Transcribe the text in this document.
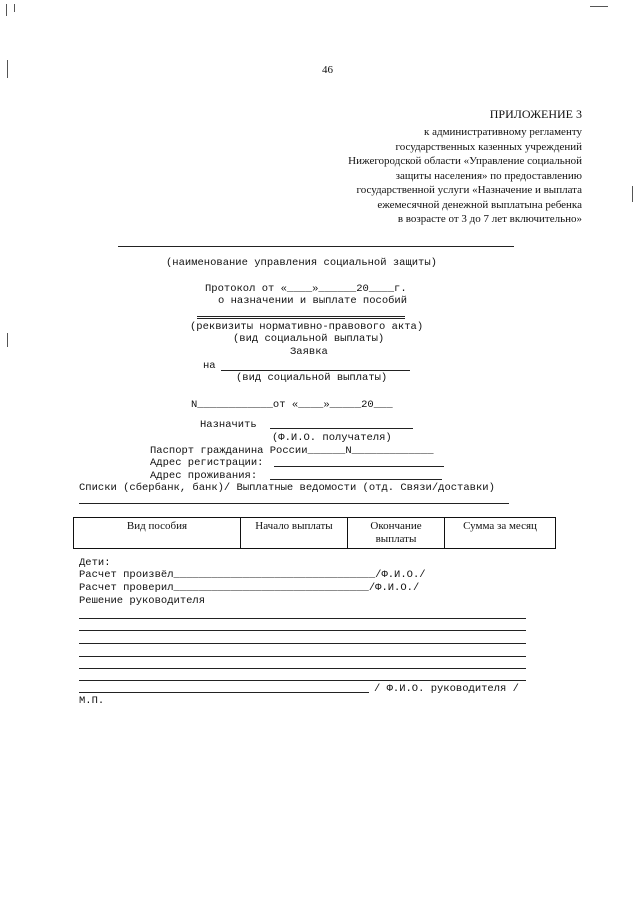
46
ПРИЛОЖЕНИЕ 3
к административному регламенту
государственных казенных учреждений
Нижегородской области «Управление социальной
защиты населения» по предоставлению
государственной услуги «Назначение и выплата
ежемесячной денежной выплатына ребенка
в возрасте от 3 до 7 лет включительно»
(наименование управления социальной защиты)
Протокол от «____»______20____г.
о назначении и выплате пособий
(реквизиты нормативно-правового акта)
(вид социальной выплаты)
Заявка
на
(вид социальной выплаты)
N____________от «____»_____20___
Назначить
(Ф.И.О. получателя)
Паспорт гражданина России______N_____________
Адрес регистрации:
Адрес проживания:
Списки (сбербанк, банк)/ Выплатные ведомости (отд. Связи/доставки)
Вид пособия	Начало выплаты	Окончание выплаты	Сумма за месяц
Дети:
Расчет произвёл________________________________/Ф.И.О./
Расчет проверил_______________________________/Ф.И.О./
Решение руководителя
/ Ф.И.О. руководителя /
М.П.
